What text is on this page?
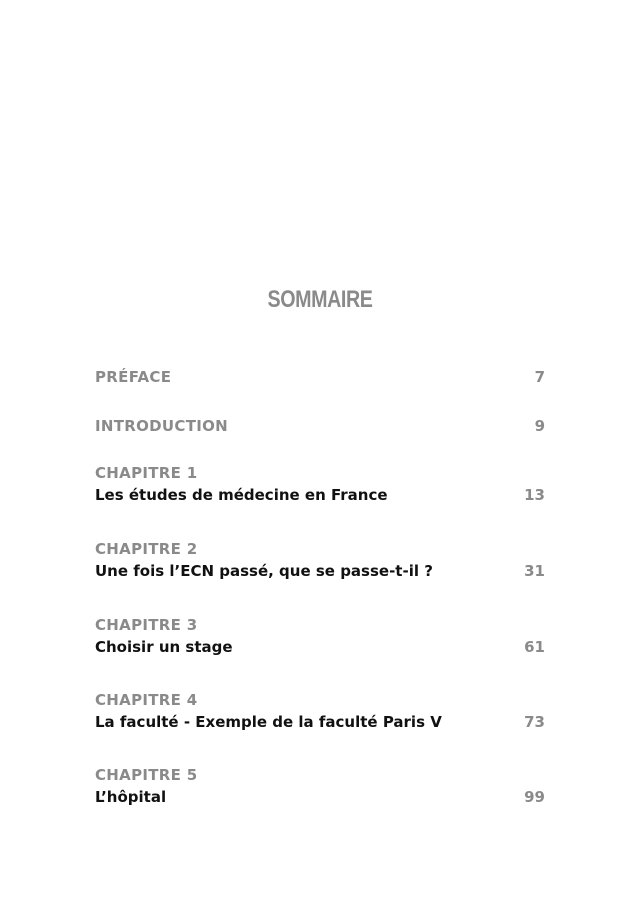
SOMMAIRE
PRÉFACE	7
INTRODUCTION	9
CHAPITRE 1
Les études de médecine en France	13
CHAPITRE 2
Une fois l’ECN passé, que se passe-t-il ?	31
CHAPITRE 3
Choisir un stage	61
CHAPITRE 4
La faculté - Exemple de la faculté Paris V	73
CHAPITRE 5
L’hôpital	99
